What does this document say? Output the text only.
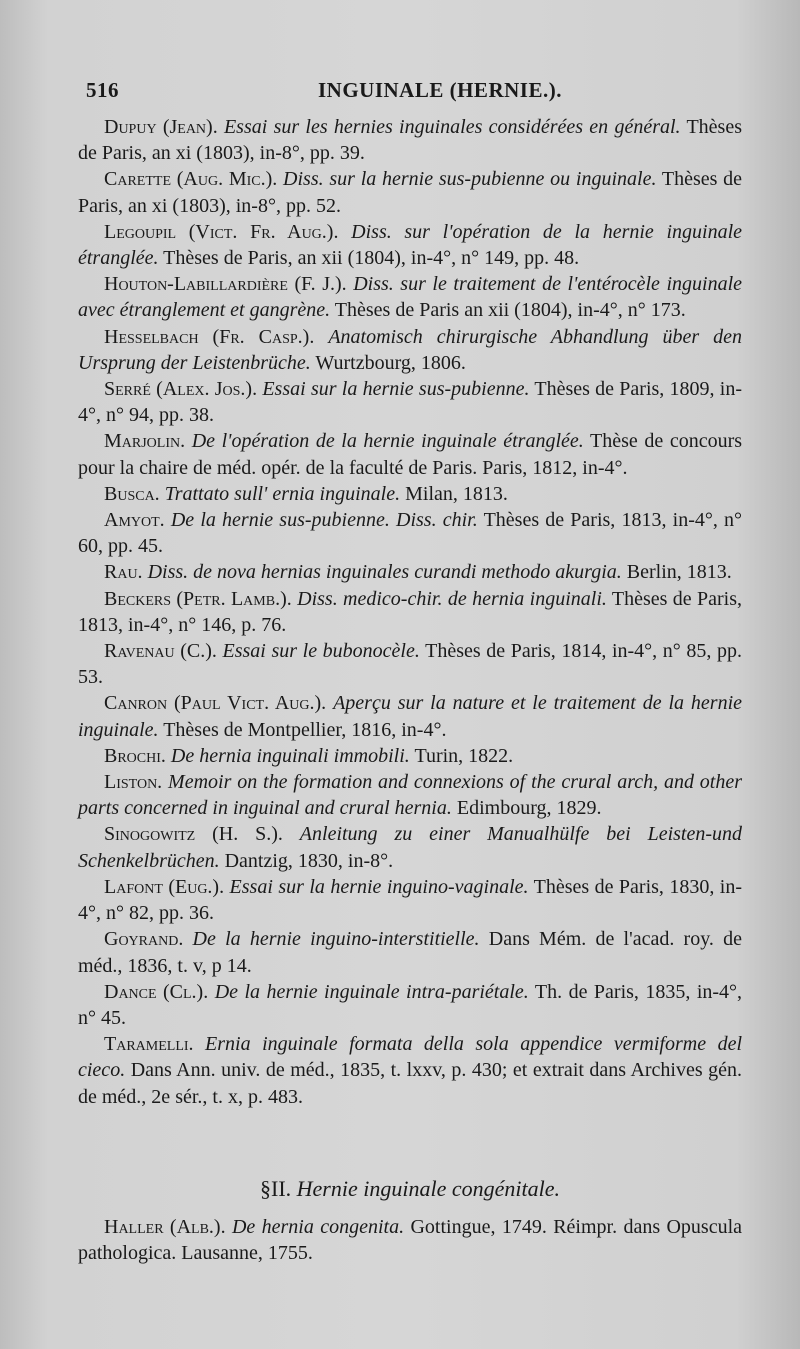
516	INGUINALE (HERNIE.).

Dupuy (Jean). Essai sur les hernies inguinales considérées en général. Thèses de Paris, an xi (1803), in-8°, pp. 39.

Carette (Aug. Mic.). Diss. sur la hernie sus-pubienne ou inguinale. Thèses de Paris, an xi (1803), in-8°, pp. 52.

Legoupil (Vict. Fr. Aug.). Diss. sur l'opération de la hernie inguinale étranglée. Thèses de Paris, an xii (1804), in-4°, n° 149, pp. 48.

Houton-Labillardière (F. J.). Diss. sur le traitement de l'entérocèle inguinale avec étranglement et gangrène. Thèses de Paris an xii (1804), in-4°, n° 173.

Hesselbach (Fr. Casp.). Anatomisch chirurgische Abhandlung über den Ursprung der Leistenbrüche. Wurtzbourg, 1806.

Serré (Alex. Jos.). Essai sur la hernie sus-pubienne. Thèses de Paris, 1809, in-4°, n° 94, pp. 38.

Marjolin. De l'opération de la hernie inguinale étranglée. Thèse de concours pour la chaire de méd. opér. de la faculté de Paris. Paris, 1812, in-4°.

Busca. Trattato sull' ernia inguinale. Milan, 1813.

Amyot. De la hernie sus-pubienne. Diss. chir. Thèses de Paris, 1813, in-4°, n° 60, pp. 45.

Rau. Diss. de nova hernias inguinales curandi methodo akurgia. Berlin, 1813.

Beckers (Petr. Lamb.). Diss. medico-chir. de hernia inguinali. Thèses de Paris, 1813, in-4°, n° 146, p. 76.

Ravenau (C.). Essai sur le bubonocèle. Thèses de Paris, 1814, in-4°, n° 85, pp. 53.

Canron (Paul Vict. Aug.). Aperçu sur la nature et le traitement de la hernie inguinale. Thèses de Montpellier, 1816, in-4°.

Brochi. De hernia inguinali immobili. Turin, 1822.

Liston. Memoir on the formation and connexions of the crural arch, and other parts concerned in inguinal and crural hernia. Edimbourg, 1829.

Sinogowitz (H. S.). Anleitung zu einer Manualhülfe bei Leisten-und Schenkelbrüchen. Dantzig, 1830, in-8°.

Lafont (Eug.). Essai sur la hernie inguino-vaginale. Thèses de Paris, 1830, in-4°, n° 82, pp. 36.

Goyrand. De la hernie inguino-interstitielle. Dans Mém. de l'acad. roy. de méd., 1836, t. v, p 14.

Dance (Cl.). De la hernie inguinale intra-pariétale. Th. de Paris, 1835, in-4°, n° 45.

Taramelli. Ernia inguinale formata della sola appendice vermiforme del cieco. Dans Ann. univ. de méd., 1835, t. lxxv, p. 430; et extrait dans Archives gén. de méd., 2e sér., t. x, p. 483.

§II. Hernie inguinale congénitale.

Haller (Alb.). De hernia congenita. Gottingue, 1749. Réimpr. dans Opuscula pathologica. Lausanne, 1755.
